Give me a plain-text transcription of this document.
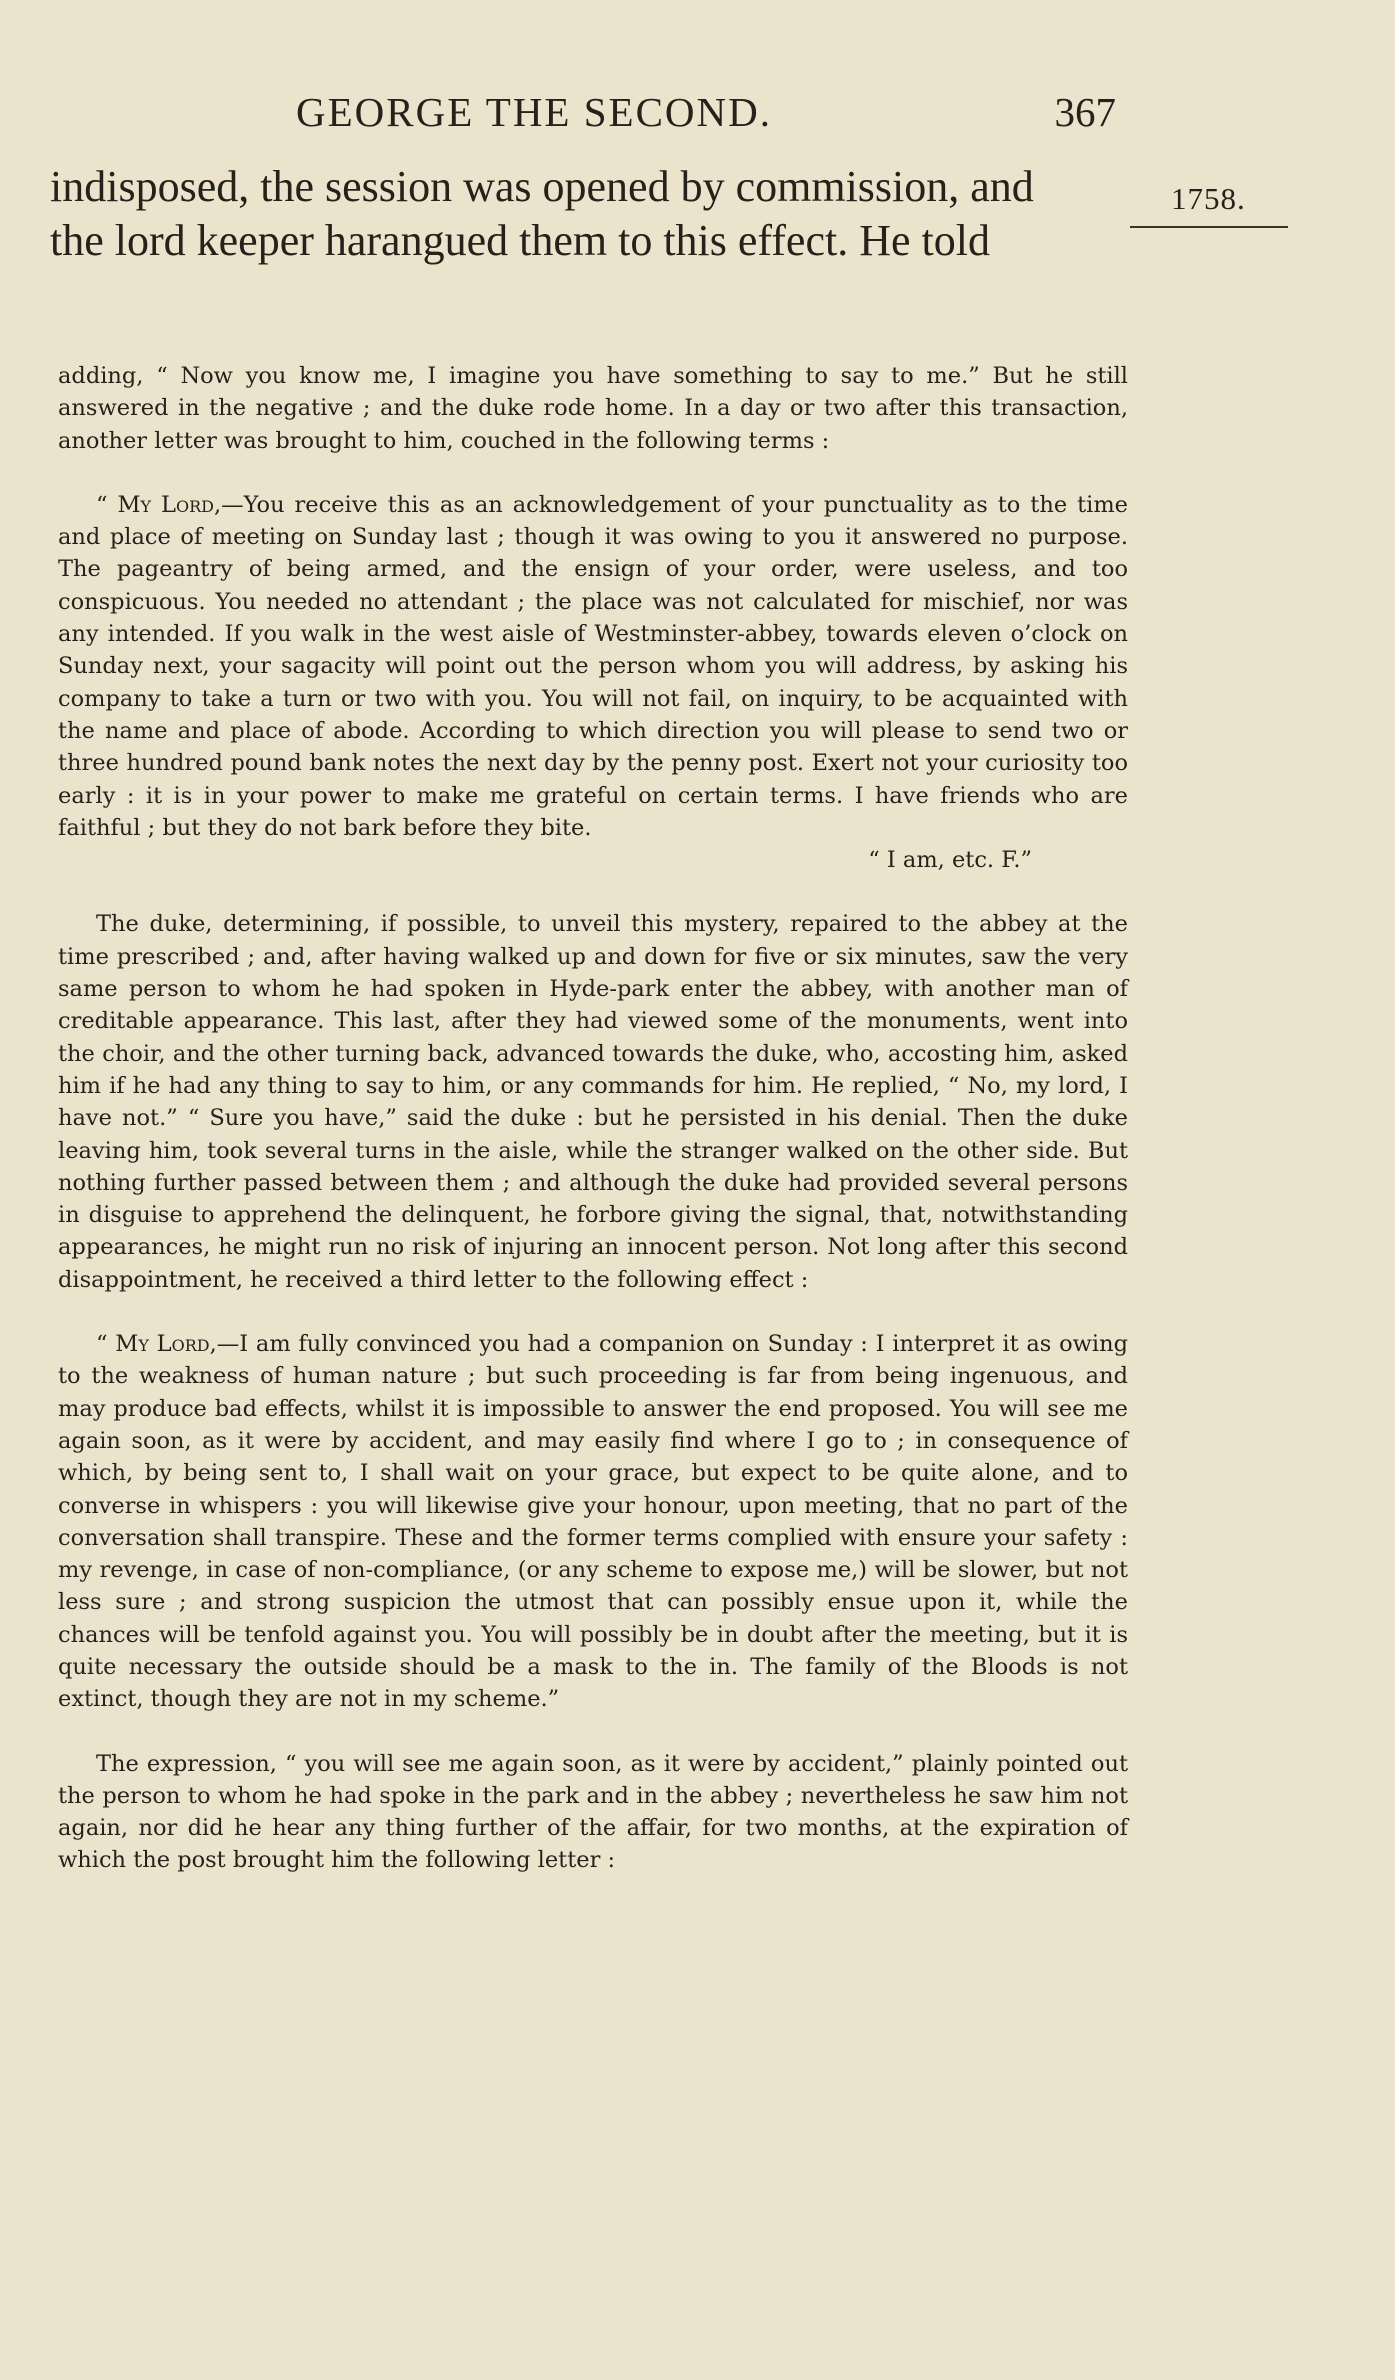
GEORGE THE SECOND.	367
indisposed, the session was opened by commission, and
the lord keeper harangued them to this effect. He told
1758.

adding, “ Now you know me, I imagine you have something to say to me.” But he still answered in the negative ; and the duke rode home. In a day or two after this transaction, another letter was brought to him, couched in the following terms :

“ My Lord,—You receive this as an acknowledgement of your punctuality as to the time and place of meeting on Sunday last ; though it was owing to you it answered no purpose. The pageantry of being armed, and the ensign of your order, were useless, and too conspicuous. You needed no attendant ; the place was not calculated for mischief, nor was any intended. If you walk in the west aisle of Westminster-abbey, towards eleven o’clock on Sunday next, your sagacity will point out the person whom you will address, by asking his company to take a turn or two with you. You will not fail, on inquiry, to be acquainted with the name and place of abode. According to which direction you will please to send two or three hundred pound bank notes the next day by the penny post. Exert not your curiosity too early : it is in your power to make me grateful on certain terms. I have friends who are faithful ; but they do not bark before they bite.

“ I am, etc. F.”

The duke, determining, if possible, to unveil this mystery, repaired to the abbey at the time prescribed ; and, after having walked up and down for five or six minutes, saw the very same person to whom he had spoken in Hyde-park enter the abbey, with another man of creditable appearance. This last, after they had viewed some of the monuments, went into the choir, and the other turning back, advanced towards the duke, who, accosting him, asked him if he had any thing to say to him, or any commands for him. He replied, “ No, my lord, I have not.” “ Sure you have,” said the duke : but he persisted in his denial. Then the duke leaving him, took several turns in the aisle, while the stranger walked on the other side. But nothing further passed between them ; and although the duke had provided several persons in disguise to apprehend the delinquent, he forbore giving the signal, that, notwithstanding appearances, he might run no risk of injuring an innocent person. Not long after this second disappointment, he received a third letter to the following effect :

“ My Lord,—I am fully convinced you had a companion on Sunday : I interpret it as owing to the weakness of human nature ; but such proceeding is far from being ingenuous, and may produce bad effects, whilst it is impossible to answer the end proposed. You will see me again soon, as it were by accident, and may easily find where I go to ; in consequence of which, by being sent to, I shall wait on your grace, but expect to be quite alone, and to converse in whispers : you will likewise give your honour, upon meeting, that no part of the conversation shall transpire. These and the former terms complied with ensure your safety : my revenge, in case of non-compliance, (or any scheme to expose me,) will be slower, but not less sure ; and strong suspicion the utmost that can possibly ensue upon it, while the chances will be tenfold against you. You will possibly be in doubt after the meeting, but it is quite necessary the outside should be a mask to the in. The family of the Bloods is not extinct, though they are not in my scheme.”

The expression, “ you will see me again soon, as it were by accident,” plainly pointed out the person to whom he had spoke in the park and in the abbey ; nevertheless he saw him not again, nor did he hear any thing further of the affair, for two months, at the expiration of which the post brought him the following letter :
